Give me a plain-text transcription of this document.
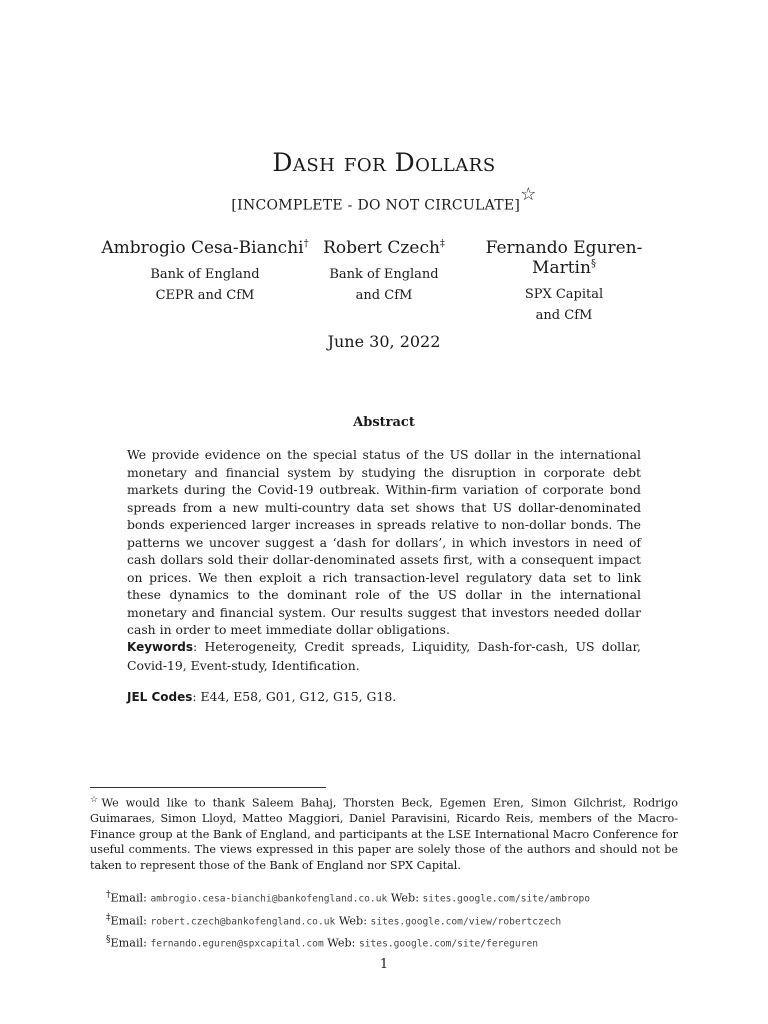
Dash for Dollars
[INCOMPLETE - DO NOT CIRCULATE]☆
Ambrogio Cesa-Bianchi†
Bank of England
CEPR and CfM
Robert Czech‡
Bank of England
and CfM
Fernando Eguren-Martin§
SPX Capital
and CfM
June 30, 2022
Abstract
We provide evidence on the special status of the US dollar in the international monetary and financial system by studying the disruption in corporate debt markets during the Covid-19 outbreak. Within-firm variation of corporate bond spreads from a new multi-country data set shows that US dollar-denominated bonds experienced larger increases in spreads relative to non-dollar bonds. The patterns we uncover suggest a ‘dash for dollars’, in which investors in need of cash dollars sold their dollar-denominated assets first, with a consequent impact on prices. We then exploit a rich transaction-level regulatory data set to link these dynamics to the dominant role of the US dollar in the international monetary and financial system. Our results suggest that investors needed dollar cash in order to meet immediate dollar obligations.
Keywords: Heterogeneity, Credit spreads, Liquidity, Dash-for-cash, US dollar, Covid-19, Event-study, Identification.
JEL Codes: E44, E58, G01, G12, G15, G18.
☆We would like to thank Saleem Bahaj, Thorsten Beck, Egemen Eren, Simon Gilchrist, Rodrigo Guimaraes, Simon Lloyd, Matteo Maggiori, Daniel Paravisini, Ricardo Reis, members of the Macro-Finance group at the Bank of England, and participants at the LSE International Macro Conference for useful comments. The views expressed in this paper are solely those of the authors and should not be taken to represent those of the Bank of England nor SPX Capital.
†Email: ambrogio.cesa-bianchi@bankofengland.co.uk Web: sites.google.com/site/ambropo
‡Email: robert.czech@bankofengland.co.uk Web: sites.google.com/view/robertczech
§Email: fernando.eguren@spxcapital.com Web: sites.google.com/site/fereguren
1
